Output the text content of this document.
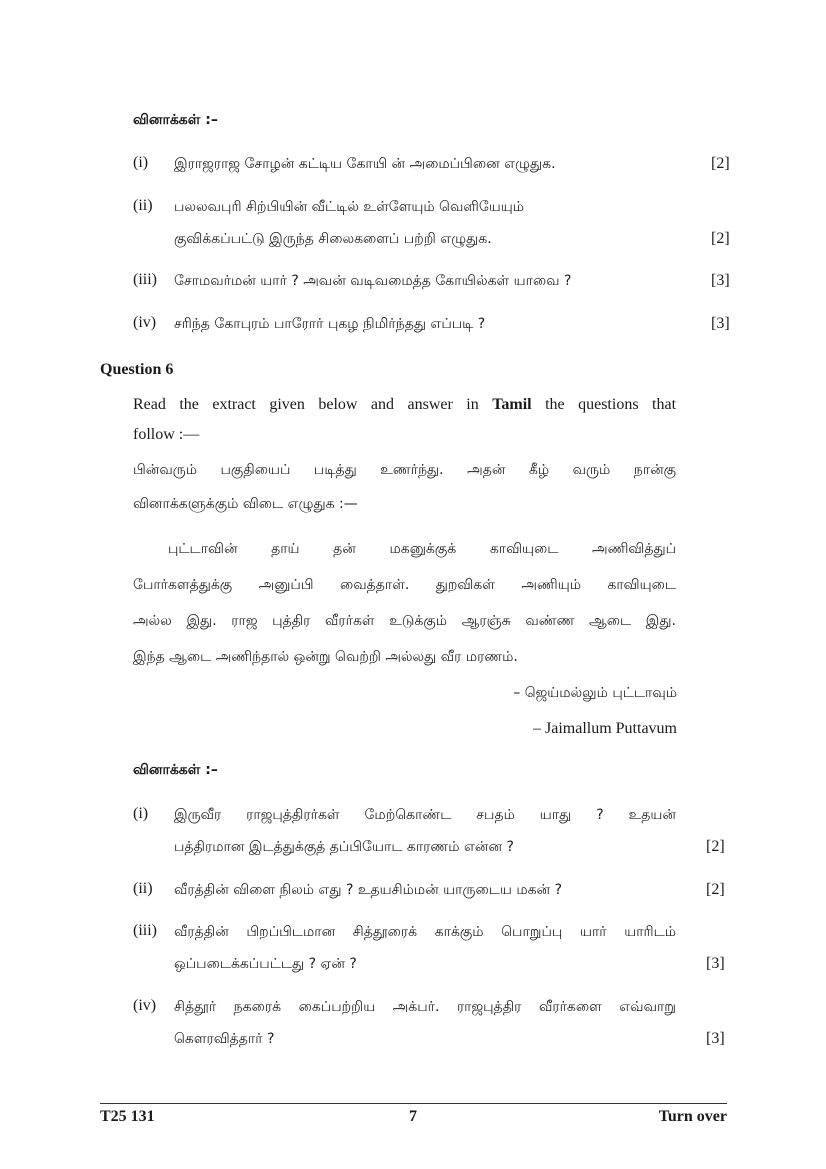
வினாக்கள் :–
(i) இராஜராஜ சோழன் கட்டிய கோயி ன் அமைப்பினை எழுதுக.	[2]
(ii) பலலவபுரி சிற்பியின் வீட்டில் உள்ளேயும் வெளியேயும்
குவிக்கப்பட்டு இருந்த சிலைகளைப் பற்றி எழுதுக.	[2]
(iii) சோமவர்மன் யார் ? அவன் வடிவமைத்த கோயில்கள் யாவை ?	[3]
(iv) சரிந்த கோபுரம் பாரோர் புகழ நிமிர்ந்தது எப்படி ?	[3]
Question 6
Read the extract given below and answer in Tamil the questions that
follow :—
பின்வரும் பகுதியைப் படித்து உணர்ந்து. அதன் கீழ் வரும் நான்கு
வினாக்களுக்கும் விடை எழுதுக :—
புட்டாவின் தாய் தன் மகனுக்குக் காவியுடை அணிவித்துப்
போர்களத்துக்கு அனுப்பி வைத்தாள். துறவிகள் அணியும் காவியுடை
அல்ல இது. ராஜ புத்திர வீரர்கள் உடுக்கும் ஆரஞ்சு வண்ண ஆடை இது.
இந்த ஆடை அணிந்தால் ஒன்று வெற்றி அல்லது வீர மரணம்.
– ஜெய்மல்லும் புட்டாவும்
– Jaimallum Puttavum
வினாக்கள் :–
(i) இருவீர ராஜபுத்திரர்கள் மேற்கொண்ட சபதம் யாது ? உதயன்
பத்திரமான இடத்துக்குத் தப்பியோட காரணம் என்ன ?	[2]
(ii) வீரத்தின் விளை நிலம் எது ? உதயசிம்மன் யாருடைய மகன் ?	[2]
(iii) வீரத்தின் பிறப்பிடமான சித்தூரைக் காக்கும் பொறுப்பு யார் யாரிடம்
ஒப்படைக்கப்பட்டது ? ஏன் ?	[3]
(iv) சித்தூர் நகரைக் கைப்பற்றிய அக்பர். ராஜபுத்திர வீரர்களை எவ்வாறு
கௌரவித்தார் ?	[3]
T25 131	7	Turn over
